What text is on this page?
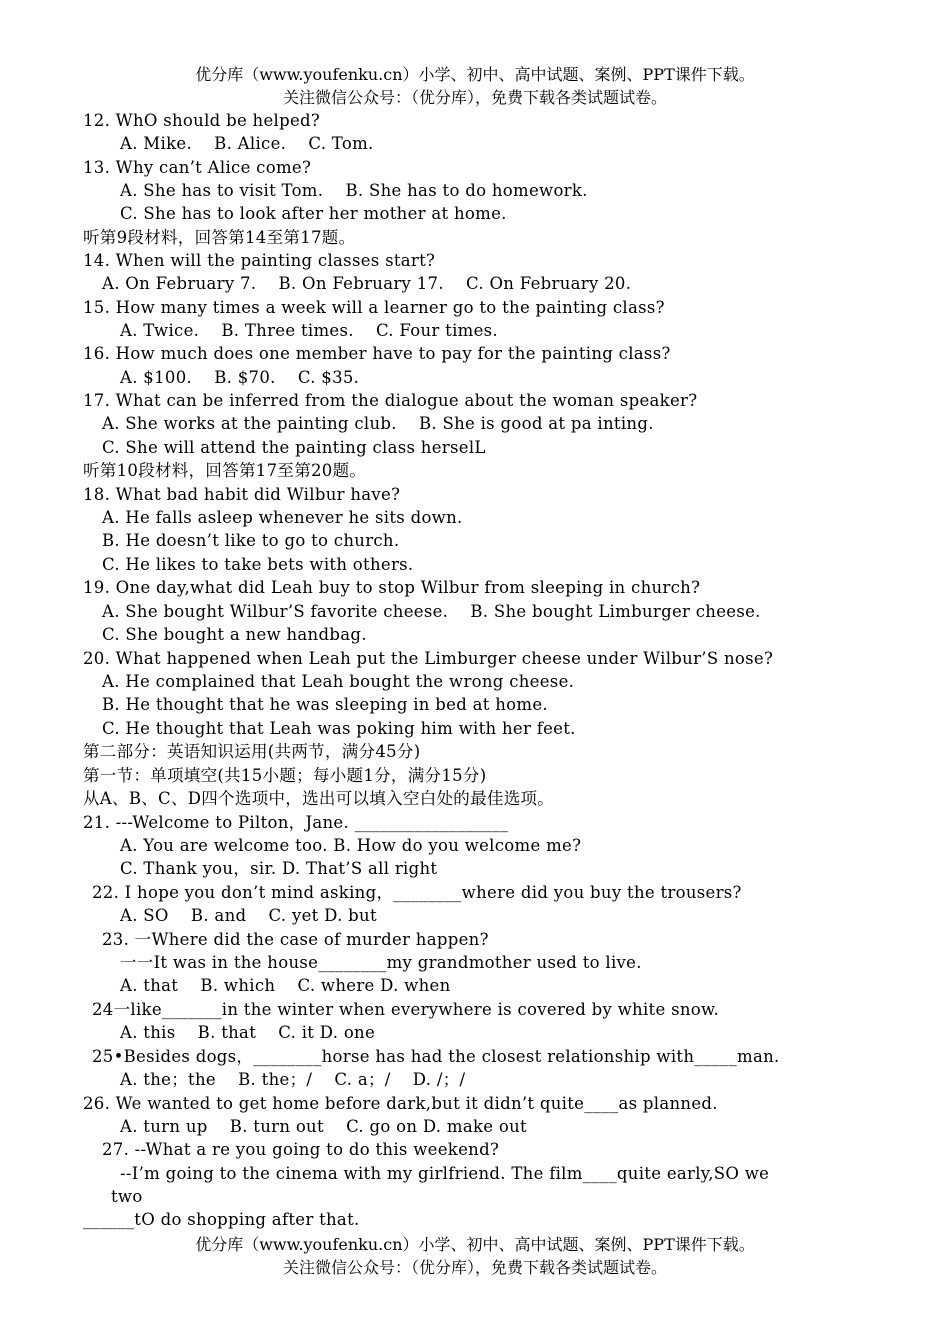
优分库（www.youfenku.cn）小学、初中、高中试题、案例、PPT课件下载。
关注微信公众号：（优分库），免费下载各类试题试卷。
12. WhO should be helped?
A. Mike.    B. Alice.    C. Tom.
13. Why can’t Alice come?
A. She has to visit Tom.    B. She has to do homework.
C. She has to look after her mother at home.
听第9段材料，回答第14至第17题。
14. When will the painting classes start?
A. On February 7.    B. On February 17.    C. On February 20.
15. How many times a week will a learner go to the painting class?
A. Twice.    B. Three times.    C. Four times.
16. How much does one member have to pay for the painting class?
A. $100.    B. $70.    C. $35.
17. What can be inferred from the dialogue about the woman speaker?
A. She works at the painting club.    B. She is good at pa inting.
C. She will attend the painting class herselL
听第10段材料，回答第17至第20题。
18. What bad habit did Wilbur have?
A. He falls asleep whenever he sits down.
B. He doesn’t like to go to church.
C. He likes to take bets with others.
19. One day,what did Leah buy to stop Wilbur from sleeping in church?
A. She bought Wilbur’S favorite cheese.    B. She bought Limburger cheese.
C. She bought a new handbag.
20. What happened when Leah put the Limburger cheese under Wilbur’S nose?
A. He complained that Leah bought the wrong cheese.
B. He thought that he was sleeping in bed at home.
C. He thought that Leah was poking him with her feet.
第二部分：英语知识运用(共两节，满分45分)
第一节：单项填空(共15小题；每小题1分，满分15分)
从A、B、C、D四个选项中，选出可以填入空白处的最佳选项。
21. ---Welcome to Pilton，Jane. __________________
A. You are welcome too. B. How do you welcome me?
C. Thank you，sir. D. That’S all right
22. I hope you don’t mind asking，________where did you buy the trousers?
A. SO    B. and    C. yet D. but
23. 一Where did the case of murder happen?
一一It was in the house________my grandmother used to live.
A. that    B. which    C. where D. when
24一like_______in the winter when everywhere is covered by white snow.
A. this    B. that    C. it D. one
25•Besides dogs，________horse has had the closest relationship with_____man.
A. the；the    B. the；/    C. a；/    D. /；/
26. We wanted to get home before dark,but it didn’t quite____as planned.
A. turn up    B. turn out    C. go on D. make out
27. --What a re you going to do this weekend?
--I’m going to the cinema with my girlfriend. The film____quite early,SO we
two
______tO do shopping after that.
优分库（www.youfenku.cn）小学、初中、高中试题、案例、PPT课件下载。
关注微信公众号：（优分库），免费下载各类试题试卷。
